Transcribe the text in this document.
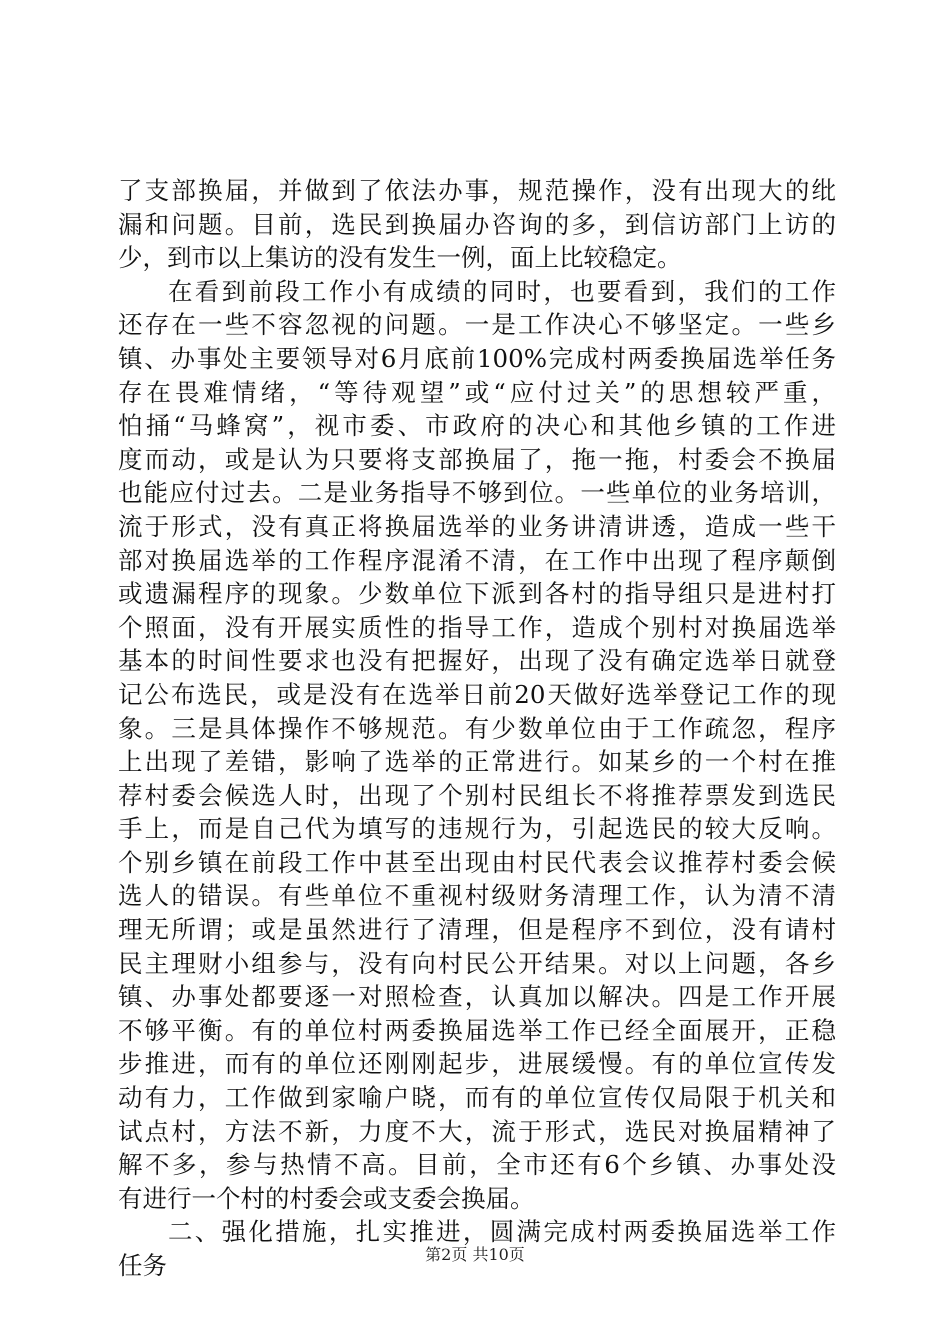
了支部换届，并做到了依法办事，规范操作，没有出现大的纰
漏和问题。目前，选民到换届办咨询的多，到信访部门上访的
少，到市以上集访的没有发生一例，面上比较稳定。
在看到前段工作小有成绩的同时，也要看到，我们的工作
还存在一些不容忽视的问题。一是工作决心不够坚定。一些乡
镇、办事处主要领导对6月底前100%完成村两委换届选举任务
存在畏难情绪，“等待观望”或“应付过关”的思想较严重，
怕捅“马蜂窝”，视市委、市政府的决心和其他乡镇的工作进
度而动，或是认为只要将支部换届了，拖一拖，村委会不换届
也能应付过去。二是业务指导不够到位。一些单位的业务培训，
流于形式，没有真正将换届选举的业务讲清讲透，造成一些干
部对换届选举的工作程序混淆不清，在工作中出现了程序颠倒
或遗漏程序的现象。少数单位下派到各村的指导组只是进村打
个照面，没有开展实质性的指导工作，造成个别村对换届选举
基本的时间性要求也没有把握好，出现了没有确定选举日就登
记公布选民，或是没有在选举日前20天做好选举登记工作的现
象。三是具体操作不够规范。有少数单位由于工作疏忽，程序
上出现了差错，影响了选举的正常进行。如某乡的一个村在推
荐村委会候选人时，出现了个别村民组长不将推荐票发到选民
手上，而是自己代为填写的违规行为，引起选民的较大反响。
个别乡镇在前段工作中甚至出现由村民代表会议推荐村委会候
选人的错误。有些单位不重视村级财务清理工作，认为清不清
理无所谓；或是虽然进行了清理，但是程序不到位，没有请村
民主理财小组参与，没有向村民公开结果。对以上问题，各乡
镇、办事处都要逐一对照检查，认真加以解决。四是工作开展
不够平衡。有的单位村两委换届选举工作已经全面展开，正稳
步推进，而有的单位还刚刚起步，进展缓慢。有的单位宣传发
动有力，工作做到家喻户晓，而有的单位宣传仅局限于机关和
试点村，方法不新，力度不大，流于形式，选民对换届精神了
解不多，参与热情不高。目前，全市还有6个乡镇、办事处没
有进行一个村的村委会或支委会换届。
二、强化措施，扎实推进，圆满完成村两委换届选举工作
任务	第2页 共10页
